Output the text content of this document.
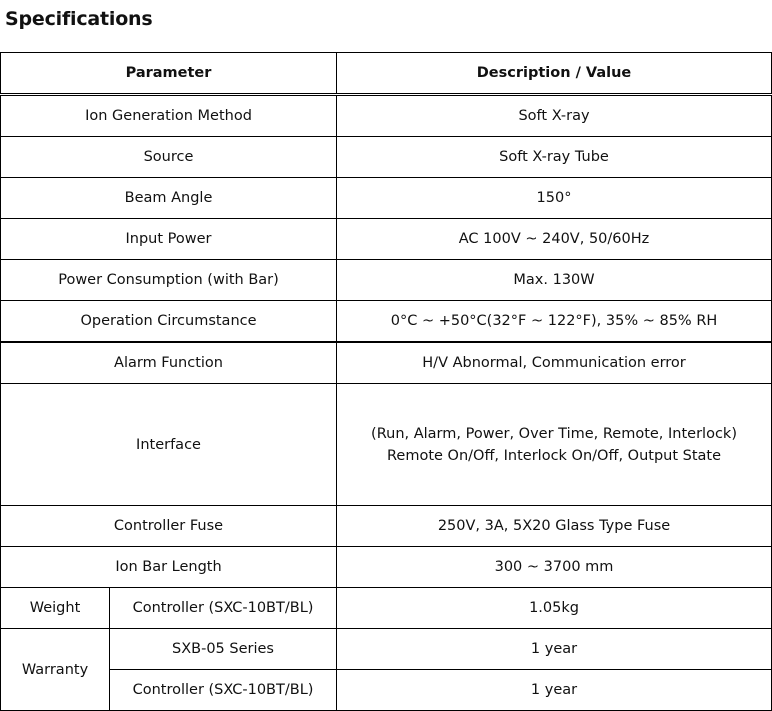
Specifications
Parameter		Description / Value
Ion Generation Method		Soft X-ray
Source		Soft X-ray Tube
Beam Angle		150°
Input Power		AC 100V ~ 240V, 50/60Hz
Power Consumption (with Bar)		Max. 130W
Operation Circumstance		0°C ~ +50°C(32°F ~ 122°F), 35% ~ 85% RH
Alarm Function		H/V Abnormal, Communication error
Interface		(Run, Alarm, Power, Over Time, Remote, Interlock)
Remote On/Off, Interlock On/Off, Output State

Controller Fuse		250V, 3A, 5X20 Glass Type Fuse
Ion Bar Length		300 ~ 3700 mm
Weight	Controller (SXC-10BT/BL)	1.05kg
Warranty	SXB-05 Series	1 year
	Controller (SXC-10BT/BL)	1 year
